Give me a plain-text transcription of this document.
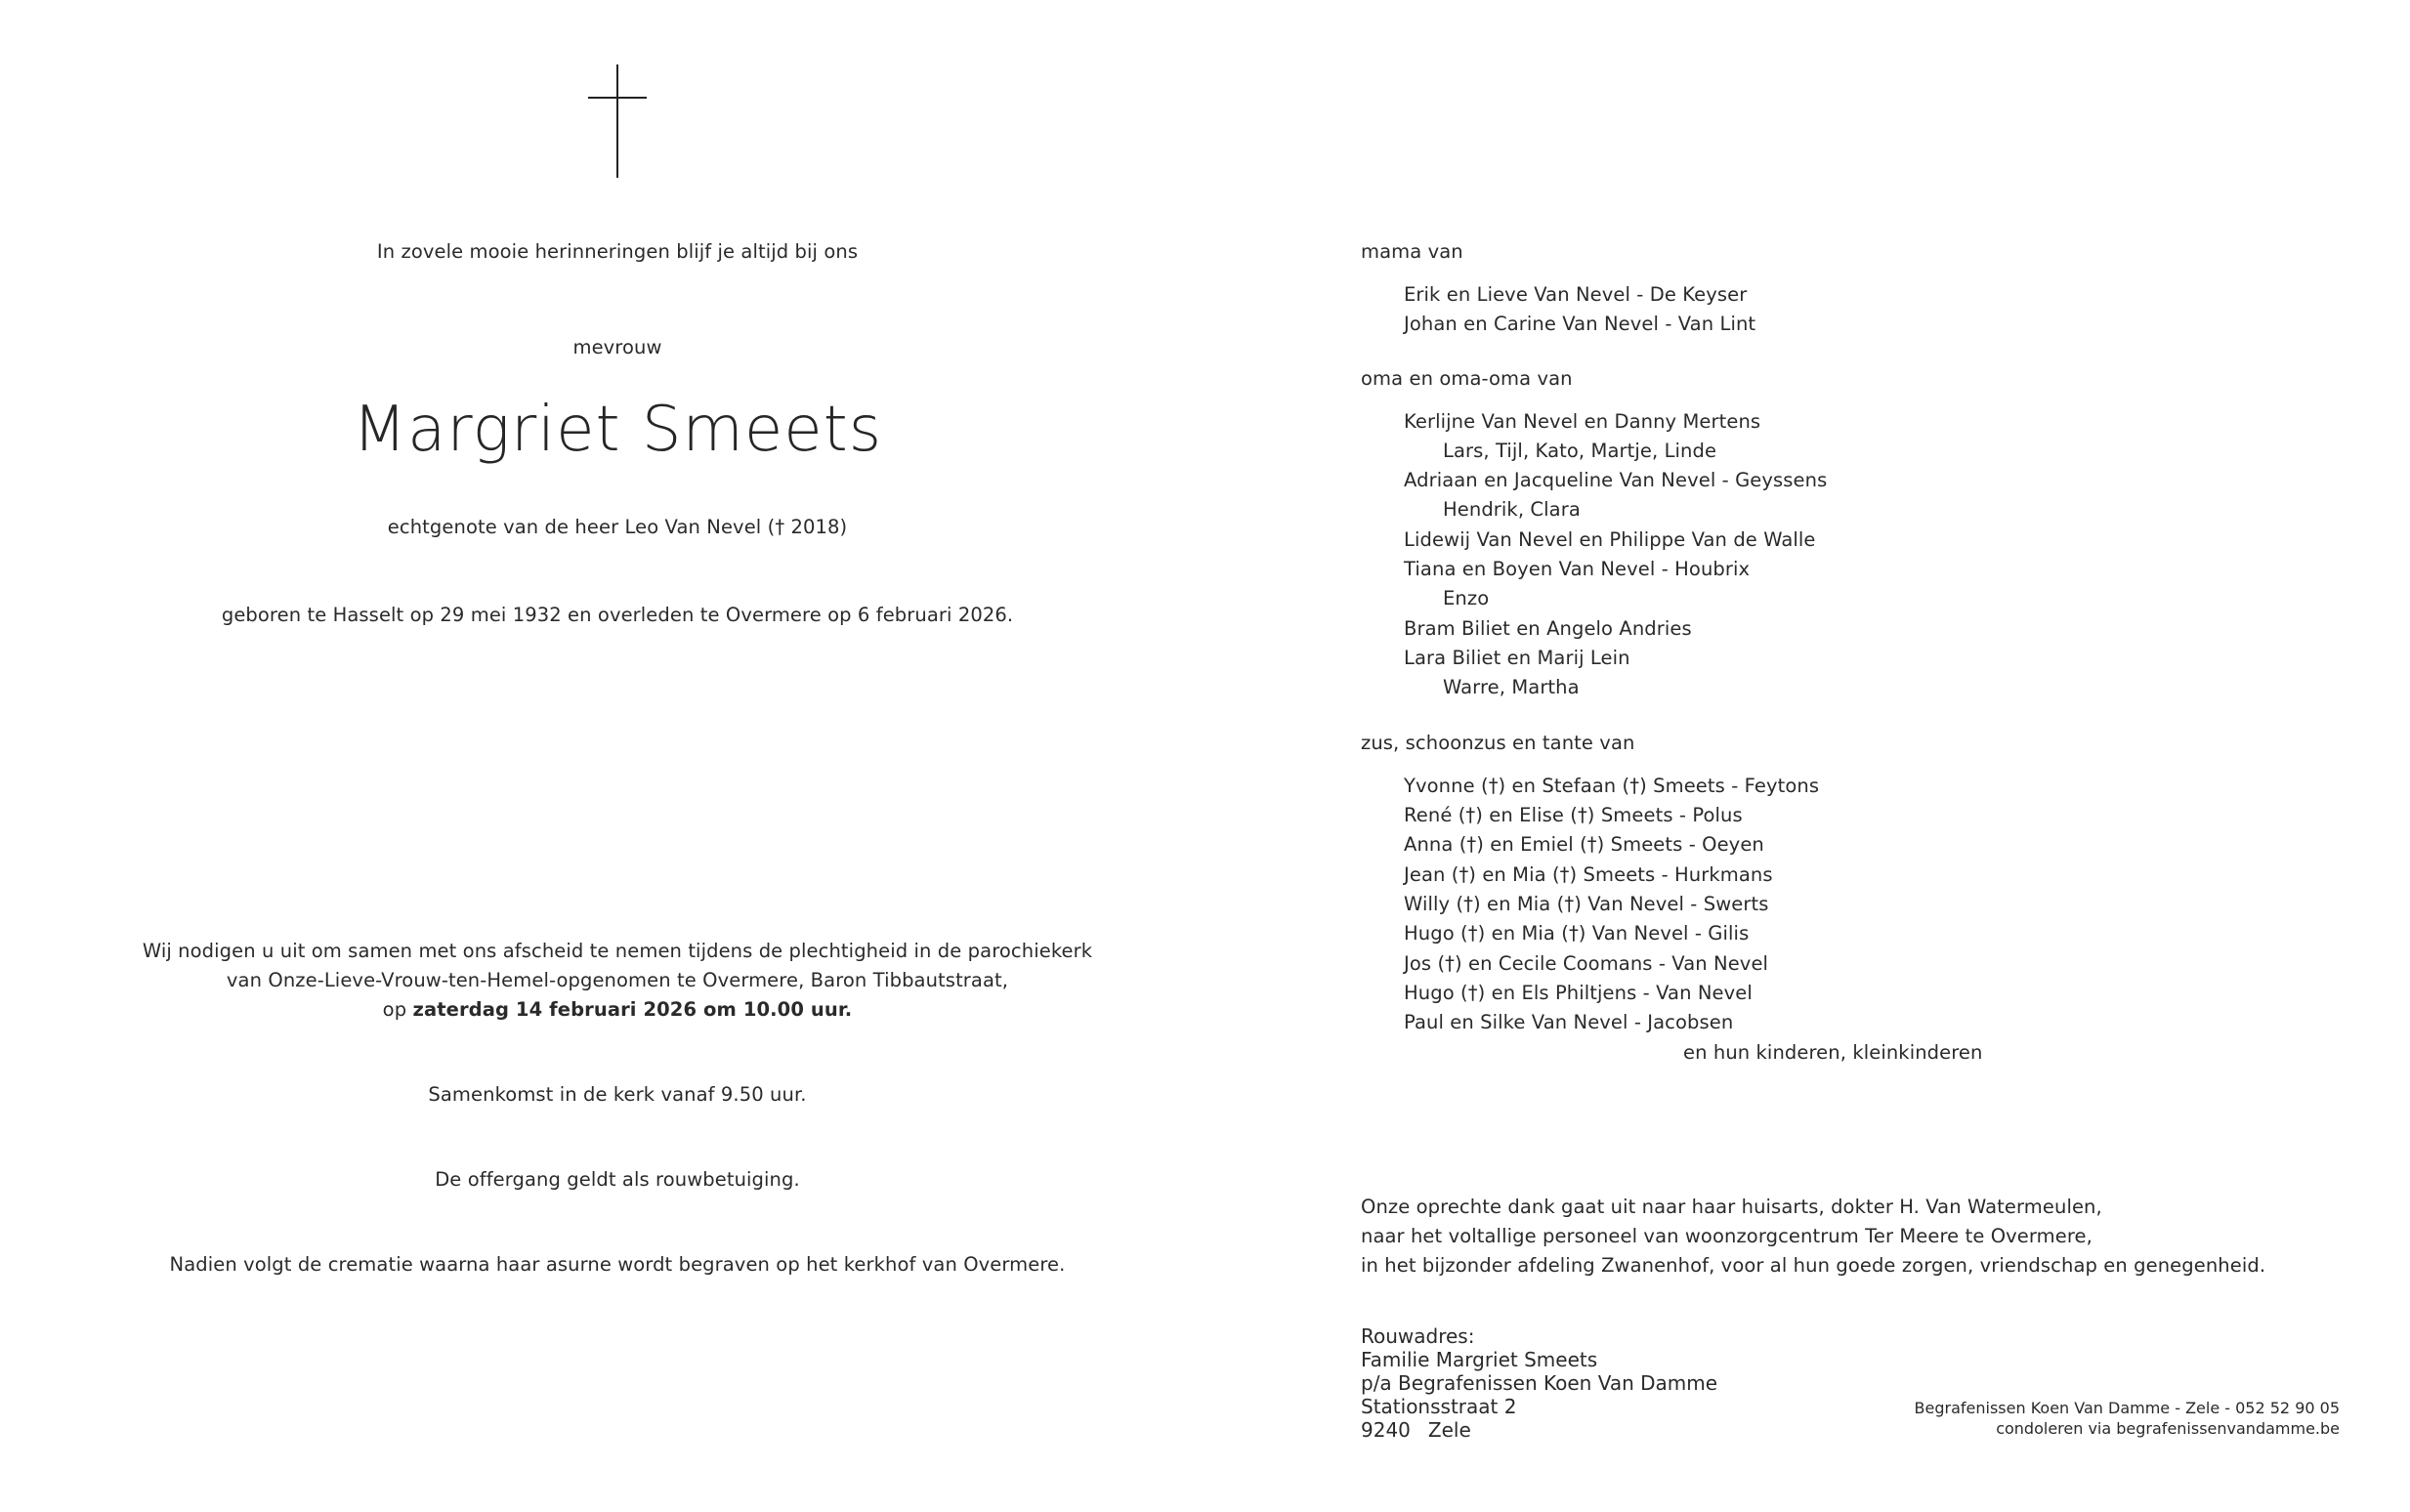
In zovele mooie herinneringen blijf je altijd bij ons
mevrouw
Margriet Smeets
echtgenote van de heer Leo Van Nevel († 2018)
geboren te Hasselt op 29 mei 1932 en overleden te Overmere op 6 februari 2026.
Wij nodigen u uit om samen met ons afscheid te nemen tijdens de plechtigheid in de parochiekerk
van Onze-Lieve-Vrouw-ten-Hemel-opgenomen te Overmere, Baron Tibbautstraat,
op zaterdag 14 februari 2026 om 10.00 uur.
Samenkomst in de kerk vanaf 9.50 uur.
De offergang geldt als rouwbetuiging.
Nadien volgt de crematie waarna haar asurne wordt begraven op het kerkhof van Overmere.
mama van
Erik en Lieve Van Nevel - De Keyser
Johan en Carine Van Nevel - Van Lint
oma en oma-oma van
Kerlijne Van Nevel en Danny Mertens
Lars, Tijl, Kato, Martje, Linde
Adriaan en Jacqueline Van Nevel - Geyssens
Hendrik, Clara
Lidewij Van Nevel en Philippe Van de Walle
Tiana en Boyen Van Nevel - Houbrix
Enzo
Bram Biliet en Angelo Andries
Lara Biliet en Marij Lein
Warre, Martha
zus, schoonzus en tante van
Yvonne (†) en Stefaan (†) Smeets - Feytons
René (†) en Elise (†) Smeets - Polus
Anna (†) en Emiel (†) Smeets - Oeyen
Jean (†) en Mia (†) Smeets - Hurkmans
Willy (†) en Mia (†) Van Nevel - Swerts
Hugo (†) en Mia (†) Van Nevel - Gilis
Jos (†) en Cecile Coomans - Van Nevel
Hugo (†) en Els Philtjens - Van Nevel
Paul en Silke Van Nevel - Jacobsen
en hun kinderen, kleinkinderen
Onze oprechte dank gaat uit naar haar huisarts, dokter H. Van Watermeulen,
naar het voltallige personeel van woonzorgcentrum Ter Meere te Overmere,
in het bijzonder afdeling Zwanenhof, voor al hun goede zorgen, vriendschap en genegenheid.
Rouwadres:
Familie Margriet Smeets
p/a Begrafenissen Koen Van Damme
Stationsstraat 2
9240 Zele
Begrafenissen Koen Van Damme - Zele - 052 52 90 05
condoleren via begrafenissenvandamme.be
